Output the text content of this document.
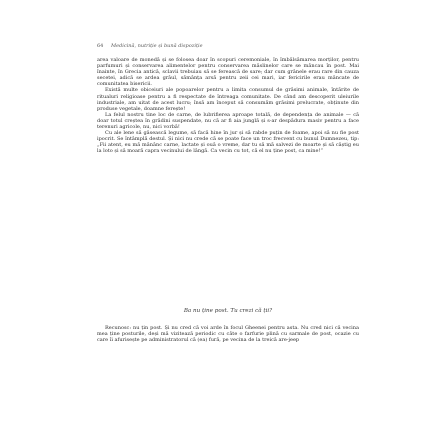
64 Medicină, nutriție și bună dispoziție

area valoare de monedă și se folosea doar în scopuri ceremoniale, în îmbălsămarea morților, pentru parfumuri și conservarea alimentelor pentru conservarea măslinelor care se mâncau în post. Mai înainte, în Grecia antică, sclavii trebuiau să se ferească de sare; dar cum grânele erau rare din cauza secetei, adică se ardea grâul, sămânța arsă pentru zeii cei mari, iar fericirile erau mâncate de comunitatea bisericii.

Există multe obiceiuri ale popoarelor pentru a limita consumul de grăsimi animale, întărite de ritualuri religioase pentru a fi respectate de întreaga comunitate. De când am descoperit uleiurile industriale, am uitat de acest lucru; însă am început să consumăm grăsimi prelucrate, obținute din produse vegetale, doamne ferește!

La felul nostru tine loc de carne, de lubrifierea aproape totală, de dependența de animale — că doar totul creștea în grădini suspendate, nu că ar fi aia junglă și s-ar despădura masiv pentru a face terenuri agricole, nu, nici vorbă!

Cu ale lene să găsească legume, să facă hine în jur și să rabde puțin de foame, apoi să nu fie post ipocrit. Se întâmplă destul. Și nici nu crede că se poate face un troc frecvent cu bunul Dumnezeu, tip: „Fii atent, eu mă mănânc carne, lactate și ouă o vreme, dar tu să mă salvezi de moarte și să câștig eu la loto și să moară capra vecinului de lângă. Ca vecin cu tot, că el nu ține post, ca mine!”

Ba nu ține post. Tu crezi că ții?

Recunosc: nu țin post. Și nu cred că voi arde în focul Gheenei pentru asta. Nu cred nici că vecina mea ține posturile, deși mă vizitează periodic cu câte o farfurie plină cu sarmale de post, ocazie cu care îi afurisește pe administratorul că (ea) fură, pe vecina de la treică are-jeep
